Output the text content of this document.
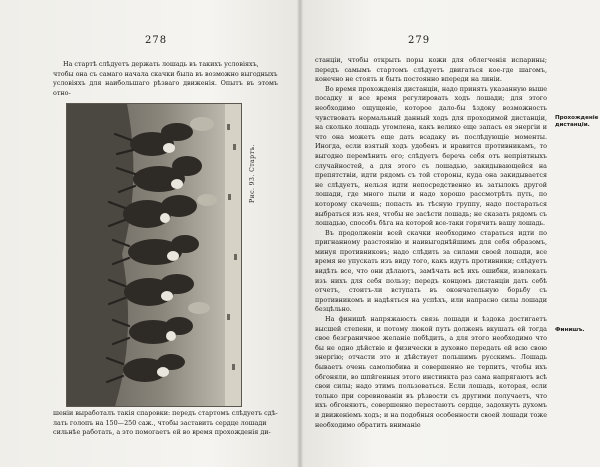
278

На стартѣ слѣдуетъ держать лошадь въ такихъ условіяхъ,

чтобы она съ самаго начала скачки была въ возможно выгодныхъ

условіяхъ для наибольшаго рѣзваго движенія. Опытъ въ этомъ отно-

Рис. 93. Стартъ.

шеніи выработалъ такія спаровки: передъ стартомъ слѣдуетъ сдѣ-

лать голопъ на 150—250 саж., чтобы заставить сердце лошади

сильнѣе работать, а это помогаетъ ей во время прохожденія ди-

279

станціи, чтобы открыть поры кожи для облегченія испарины; передъ самымъ стартомъ слѣдуетъ двигаться кое-где шагомъ, конечно не стоять и быть постоянно впереди на линіи.

Во время прохожденія дистанціи, надо принять указанную выше посадку и все время регулировать ходъ лошади; для этого необходимо ощущеніе, которое дало-бы ѣздоку возможность чувствовать нормальный данный ходъ для проходимой дистанціи, на сколько лошадь утомлена, какъ велико еще запасъ ея энергіи и что она можетъ еще дать всадаку въ послѣдующіе моменты. Иногда, если взятый ходъ удобенъ и нравится противникамъ, то выгодно перемѣнить его; слѣдуетъ беречь себя отъ непріятныхъ случайностей, а для этого съ лошадью, закидывающейся на препятствіи, идти рядомъ съ той стороны, куда она закидывается не слѣдуетъ, нельзя идти непосредственно въ затылокъ другой лошади, где много пыли и надо хорошо рассмотрѣть путь, по которому скачешь; попасть въ тѣсную группу, надо постараться выбраться изъ нея, чтобы не засѣсти лошадь; не сказать рядомъ съ лошадью, способъ бѣга на которой все-таки горячить вашу лошадь.

Въ продолженіи всей скачки необходимо стараться идти по пригнанному разстоянію и наивыгоднѣйшимъ для себя образомъ, минуя противниковъ; надо слѣдить за силами своей лошади, все время не упускать изъ виду того, какъ идутъ противники; слѣдуетъ видѣть все, что они дѣлаютъ, замѣчать всѣ ихъ ошибки, извлекать изъ нихъ для себя пользу; передъ концомъ дистанціи дать себѣ отчетъ, стоитъ-ли вступать въ окончательную борьбу съ противникомъ и надѣяться на успѣхъ, или напрасно силы лошади безцѣльно.

На финишѣ напряжаюсть связь лошади и ѣздока достигаетъ высшей степени, и потому люкой путь долженъ вкушать ей тогда свое безграничное желаніе побѣдить, а для этого необходимо что бы не одно дѣйствіе и физически в духовно передать ей всю свою энергію; отчасти это и дѣйствует польшимъ русскимъ. Лошадь бываетъ очень самолюбива и совершенно не терпитъ, чтобы ихъ обгоняли, во шпйгенныя этого инстинкта раз сама напрягаютъ всѣ свои силы; надо этимъ пользоваться. Если лошадь, которая, если только при соревнованіи въ рѣзвости съ другими получаетъ, что ихъ обгоняютъ, совершенно перестаютъ сердце, задохнуть духомъ и движеніемъ ходъ; и на подобныя особенности своей лошади тоже необходимо обратить вниманіе

Прохожденіе дистанціи.
Финишъ.
